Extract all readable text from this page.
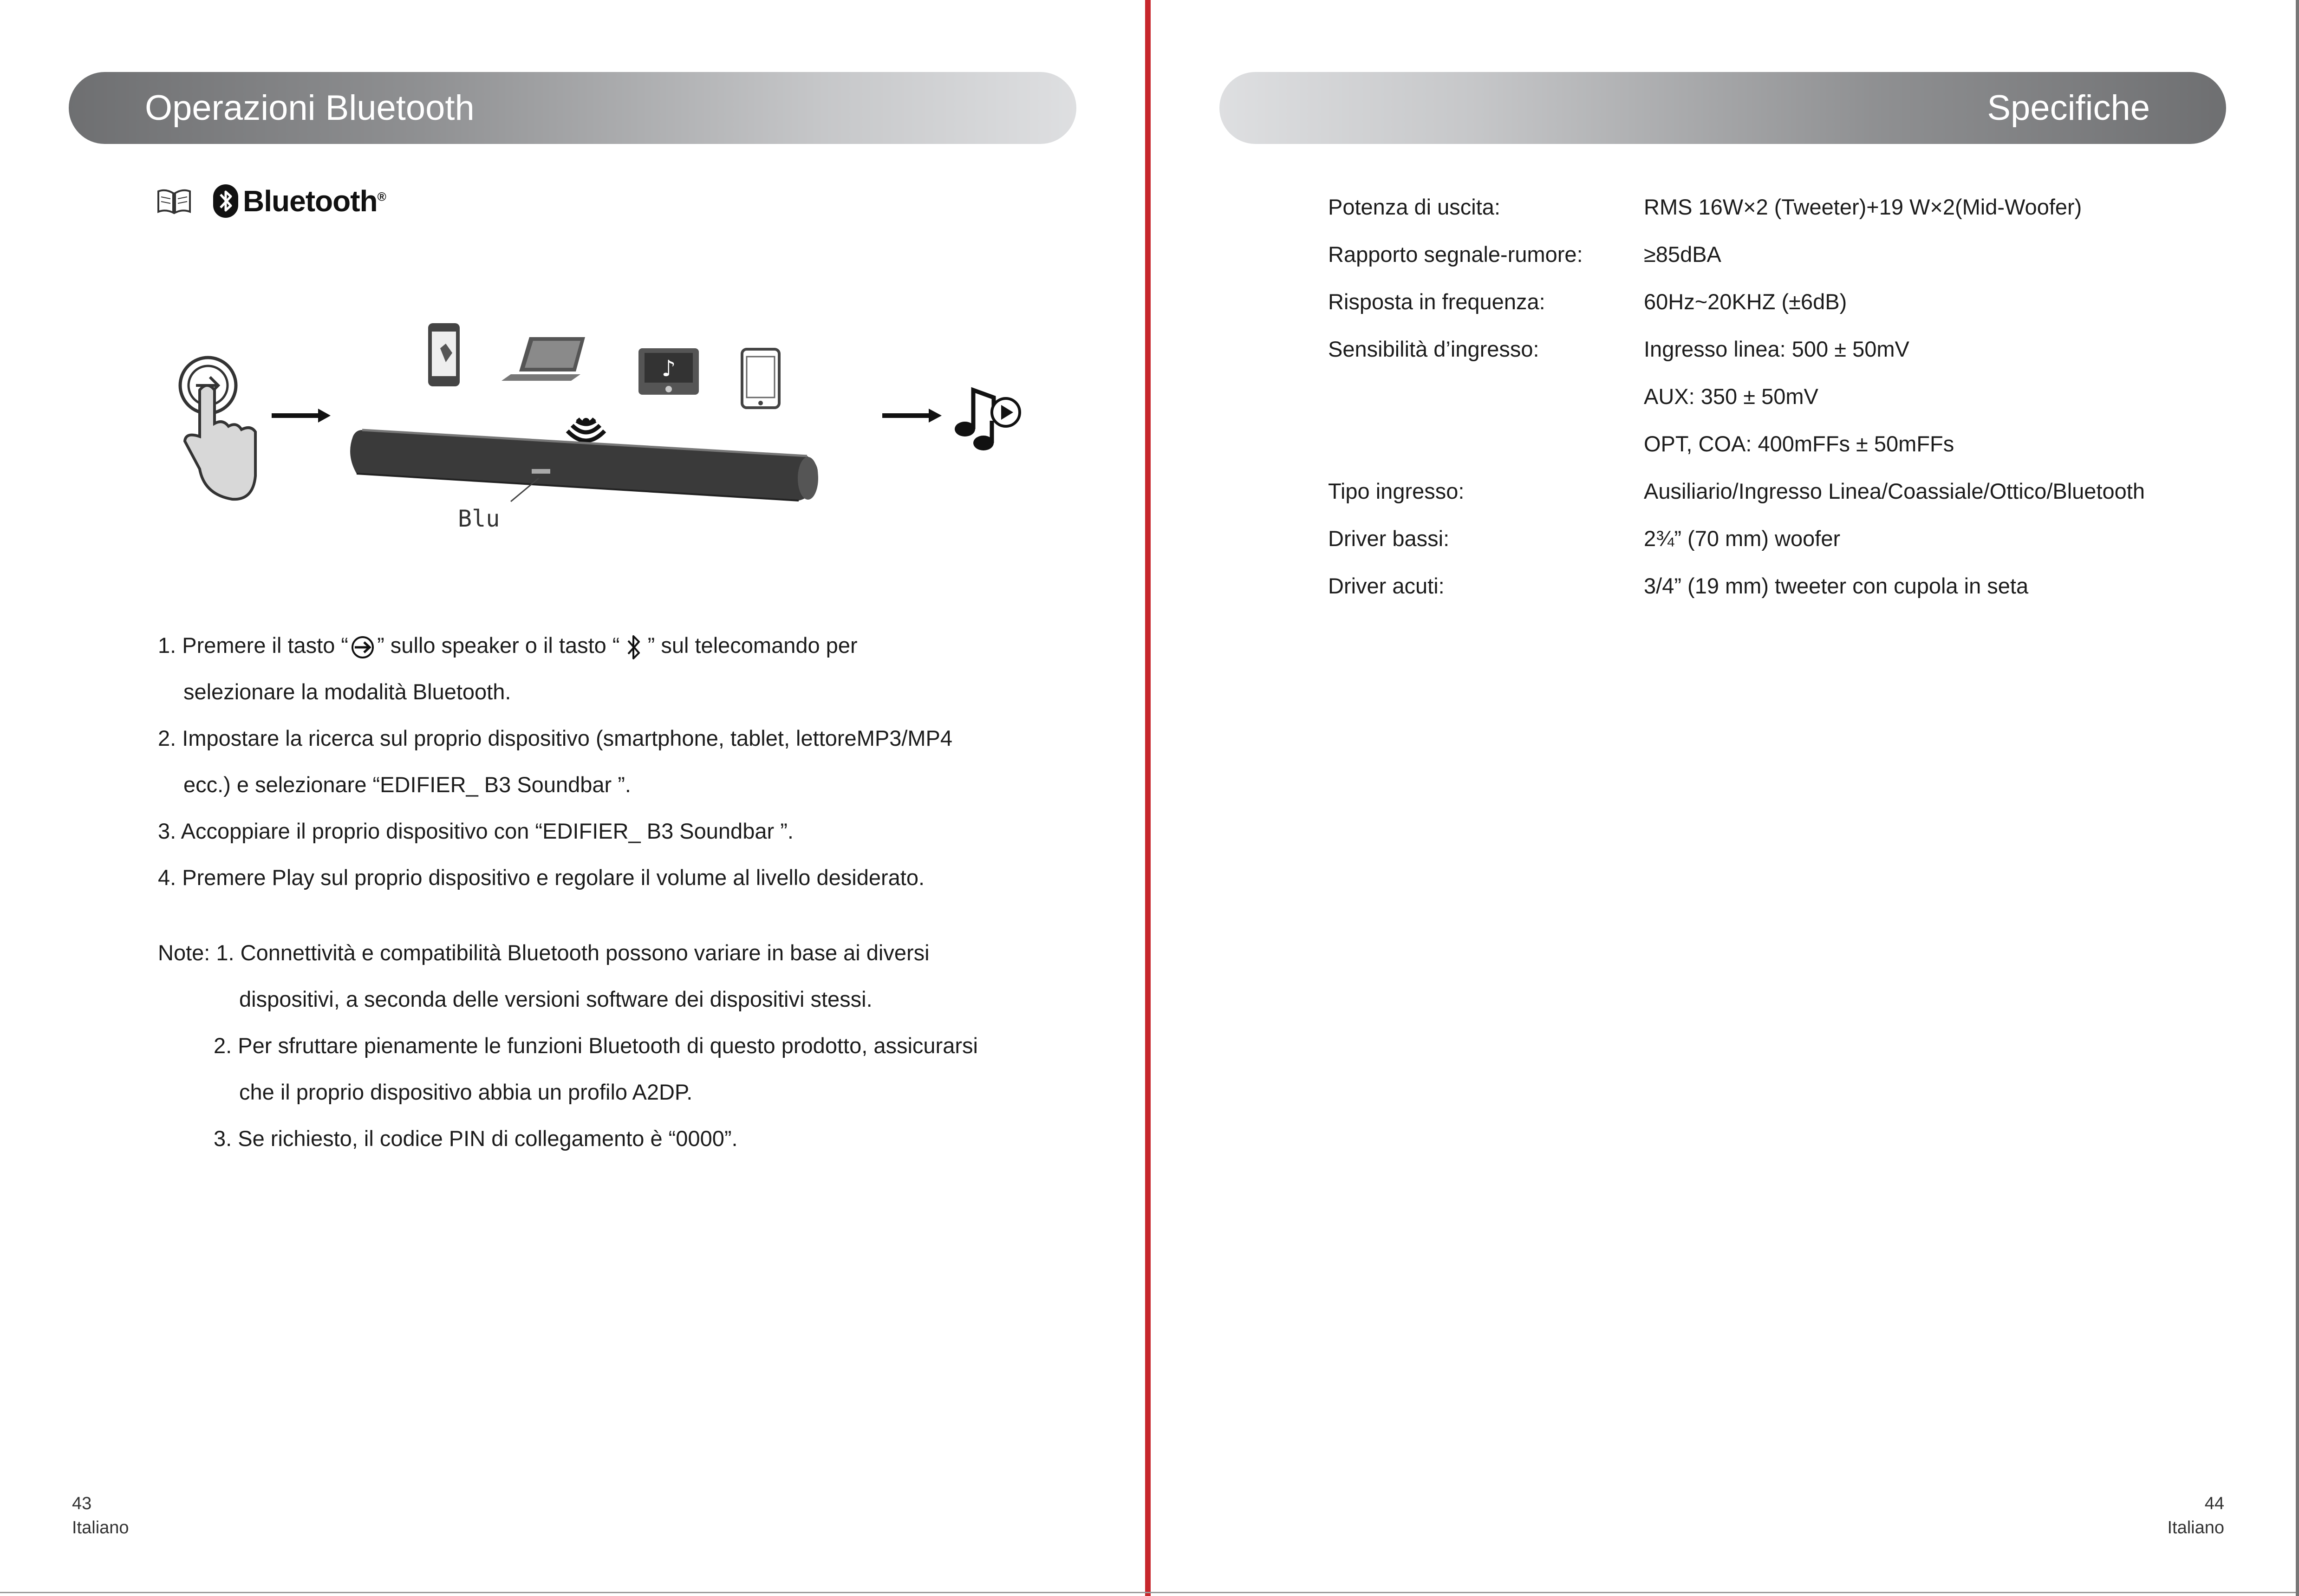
Operazioni Bluetooth
Bluetooth®
♪
Blu
1. Premere il tasto “ ” sullo speaker o il tasto “  ” sul telecomando per
selezionare la modalità Bluetooth.
2. Impostare la ricerca sul proprio dispositivo (smartphone, tablet, lettoreMP3/MP4
ecc.) e selezionare “EDIFIER_ B3 Soundbar ”.
3. Accoppiare il proprio dispositivo con “EDIFIER_ B3 Soundbar ”.
4. Premere Play sul proprio dispositivo e regolare il volume al livello desiderato.
Note: 1. Connettività e compatibilità Bluetooth possono variare in base ai diversi
dispositivi, a seconda delle versioni software dei dispositivi stessi.
2. Per sfruttare pienamente le funzioni Bluetooth di questo prodotto, assicurarsi
che il proprio dispositivo abbia un profilo A2DP.
3. Se richiesto, il codice PIN di collegamento è “0000”.
43
Italiano
Specifiche
Potenza di uscita:	RMS 16W×2 (Tweeter)+19 W×2(Mid-Woofer)
Rapporto segnale-rumore:	≥85dBA
Risposta in frequenza:	60Hz~20KHZ (±6dB)
Sensibilità d’ingresso:	Ingresso linea: 500 ± 50mV
AUX: 350 ± 50mV
OPT, COA: 400mFFs ± 50mFFs
Tipo ingresso:	Ausiliario/Ingresso Linea/Coassiale/Ottico/Bluetooth
Driver bassi:	2¾” (70 mm) woofer
Driver acuti:	3/4” (19 mm) tweeter con cupola in seta
44
Italiano
